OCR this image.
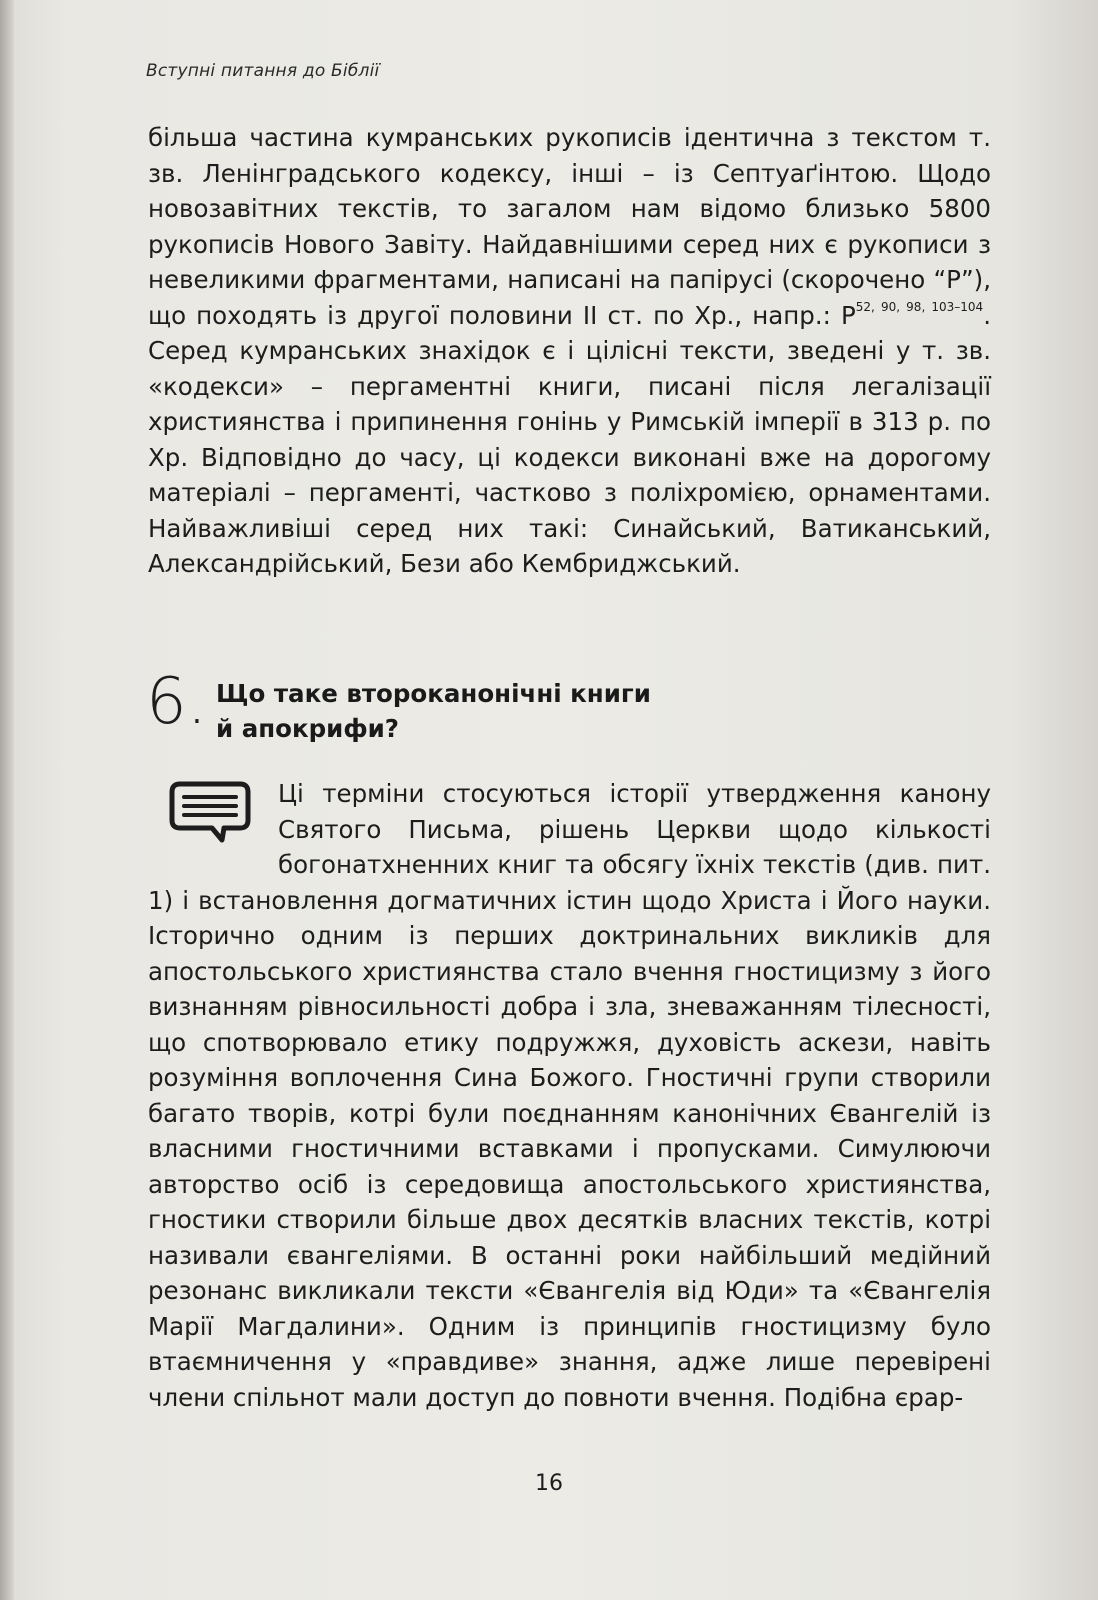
Вступні питання до Біблії

більша частина кумранських рукописів ідентична з текстом т. зв. Ленінградського кодексу, інші – із Септуаґінтою. Щодо новозавітних текстів, то загалом нам відомо близько 5800 рукописів Нового Завіту. Найдавнішими серед них є рукописи з невеликими фрагментами, написані на папірусі (скорочено “Р”), що походять із другої половини ІІ ст. по Хр., напр.: Р$^{52, 90, 98, 103-104}$. Серед кумранських знахідок є і цілісні тексти, зведені у т. зв. «кодекси» – пергаментні книги, писані після легалізації християнства і припинення гонінь у Римській імперії в 313 р. по Хр. Відповідно до часу, ці кодекси виконані вже на дорогому матеріалі – пергаменті, частково з поліхромією, орнаментами. Найважливіші серед них такі: Синайський, Ватиканський, Александрійський, Бези або Кембриджський.

6. Що таке второканонічні книги
й апокрифи?

Ці терміни стосуються історії утвердження канону Святого Письма, рішень Церкви щодо кількості богонатхненних книг та обсягу їхніх текстів (див. пит. 1) і встановлення догматичних істин щодо Христа і Його науки. Історично одним із перших доктринальних викликів для апостольського християнства стало вчення гностицизму з його визнанням рівносильності добра і зла, зневажанням тілесності, що спотворювало етику подружжя, духовість аскези, навіть розуміння воплочення Сина Божого. Гностичні групи створили багато творів, котрі були поєднанням канонічних Євангелій із власними гностичними вставками і пропусками. Симулюючи авторство осіб із середовища апостольського християнства, гностики створили більше двох десятків власних текстів, котрі називали євангеліями. В останні роки найбільший медійний резонанс викликали тексти «Євангелія від Юди» та «Євангелія Марії Магдалини». Одним із принципів гностицизму було втаємничення у «правдиве» знання, адже лише перевірені члени спільнот мали доступ до повноти вчення. Подібна єрар-

16
